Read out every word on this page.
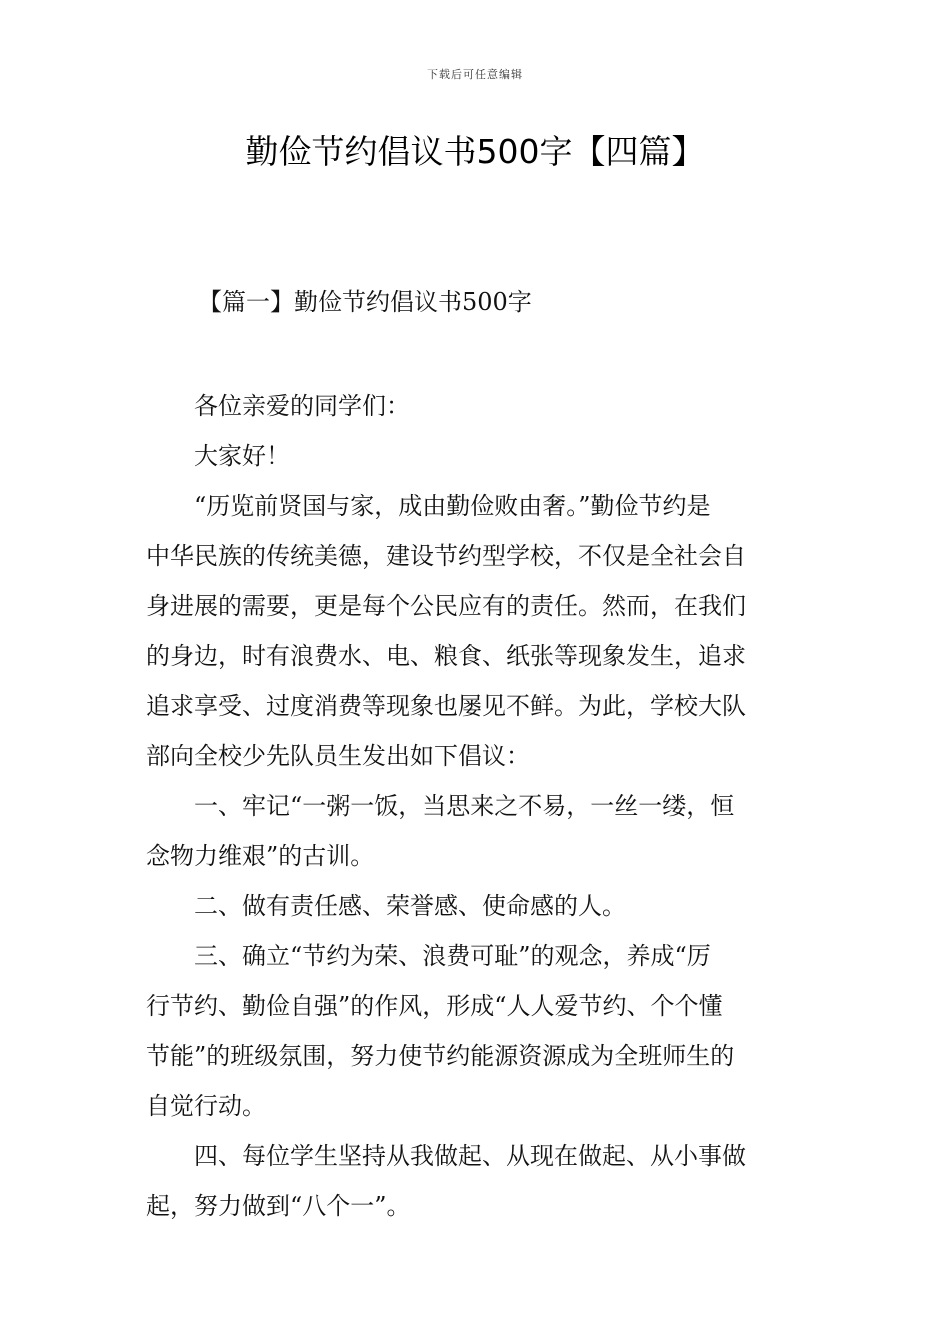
下载后可任意编辑
勤俭节约倡议书500字【四篇】
【篇一】勤俭节约倡议书500字

各位亲爱的同学们：

大家好！

“历览前贤国与家，成由勤俭败由奢。”勤俭节约是
中华民族的传统美德，建设节约型学校，不仅是全社会自
身进展的需要，更是每个公民应有的责任。然而，在我们
的身边，时有浪费水、电、粮食、纸张等现象发生，追求
追求享受、过度消费等现象也屡见不鲜。为此，学校大队
部向全校少先队员生发出如下倡议：

一、牢记“一粥一饭，当思来之不易，一丝一缕，恒
念物力维艰”的古训。

二、做有责任感、荣誉感、使命感的人。

三、确立“节约为荣、浪费可耻”的观念，养成“厉
行节约、勤俭自强”的作风，形成“人人爱节约、个个懂
节能”的班级氛围，努力使节约能源资源成为全班师生的
自觉行动。

四、每位学生坚持从我做起、从现在做起、从小事做
起，努力做到“八个一”。
